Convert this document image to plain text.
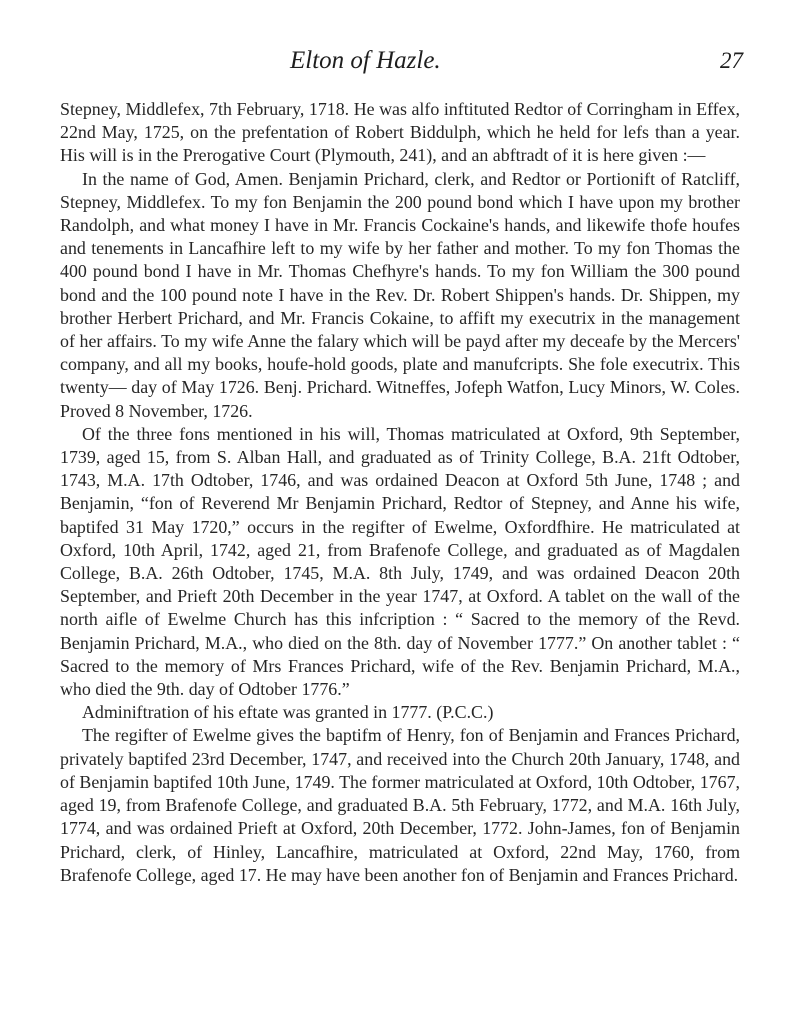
Elton of Hazle.	27

Stepney, Middlefex, 7th February, 1718. He was alfo inftituted Redtor of Corringham in Effex, 22nd May, 1725, on the prefentation of Robert Biddulph, which he held for lefs than a year. His will is in the Prerogative Court (Plymouth, 241), and an abftradt of it is here given :—

In the name of God, Amen. Benjamin Prichard, clerk, and Redtor or Portionift of Ratcliff, Stepney, Middlefex. To my fon Benjamin the 200 pound bond which I have upon my brother Randolph, and what money I have in Mr. Francis Cockaine's hands, and likewife thofe houfes and tenements in Lancafhire left to my wife by her father and mother. To my fon Thomas the 400 pound bond I have in Mr. Thomas Chefhyre's hands. To my fon William the 300 pound bond and the 100 pound note I have in the Rev. Dr. Robert Shippen's hands. Dr. Shippen, my brother Herbert Prichard, and Mr. Francis Cokaine, to affift my executrix in the management of her affairs. To my wife Anne the falary which will be payd after my deceafe by the Mercers' company, and all my books, houfe-hold goods, plate and manufcripts. She fole executrix. This twenty— day of May 1726. Benj. Prichard. Witneffes, Jofeph Watfon, Lucy Minors, W. Coles. Proved 8 November, 1726.

Of the three fons mentioned in his will, Thomas matriculated at Oxford, 9th September, 1739, aged 15, from S. Alban Hall, and graduated as of Trinity College, B.A. 21ft Odtober, 1743, M.A. 17th Odtober, 1746, and was ordained Deacon at Oxford 5th June, 1748 ; and Benjamin, “fon of Reverend Mr Benjamin Prichard, Redtor of Stepney, and Anne his wife, baptifed 31 May 1720,” occurs in the regifter of Ewelme, Oxfordfhire. He matriculated at Oxford, 10th April, 1742, aged 21, from Brafenofe College, and graduated as of Magdalen College, B.A. 26th Odtober, 1745, M.A. 8th July, 1749, and was ordained Deacon 20th September, and Prieft 20th December in the year 1747, at Oxford. A tablet on the wall of the north aifle of Ewelme Church has this infcription : “ Sacred to the memory of the Revd. Benjamin Prichard, M.A., who died on the 8th. day of November 1777.” On another tablet : “ Sacred to the memory of Mrs Frances Prichard, wife of the Rev. Benjamin Prichard, M.A., who died the 9th. day of Odtober 1776.”

Adminiftration of his eftate was granted in 1777. (P.C.C.)

The regifter of Ewelme gives the baptifm of Henry, fon of Benjamin and Frances Prichard, privately baptifed 23rd December, 1747, and received into the Church 20th January, 1748, and of Benjamin baptifed 10th June, 1749. The former matriculated at Oxford, 10th Odtober, 1767, aged 19, from Brafenofe College, and graduated B.A. 5th February, 1772, and M.A. 16th July, 1774, and was ordained Prieft at Oxford, 20th December, 1772. John-James, fon of Benjamin Prichard, clerk, of Hinley, Lancafhire, matriculated at Oxford, 22nd May, 1760, from Brafenofe College, aged 17. He may have been another fon of Benjamin and Frances Prichard.
